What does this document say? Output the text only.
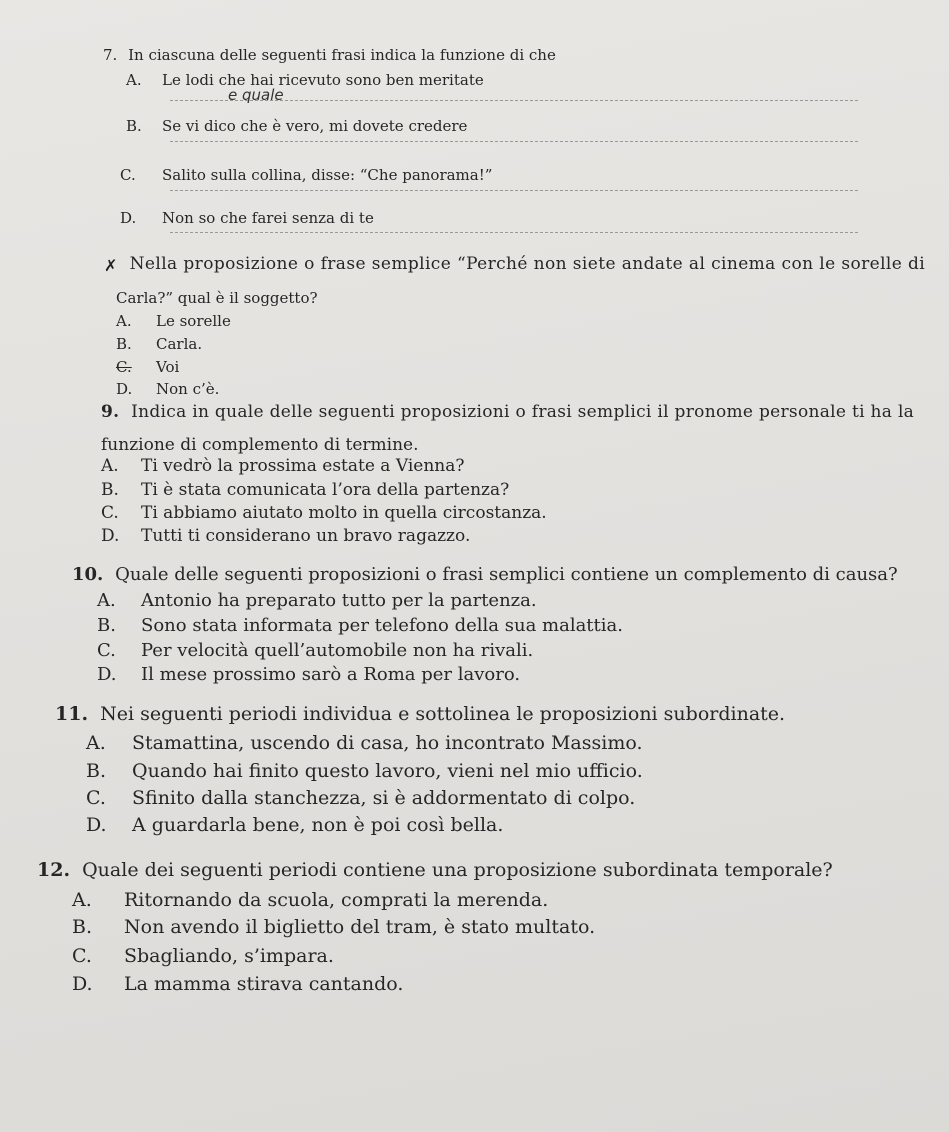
7. In ciascuna delle seguenti frasi indica la funzione di che
A. Le lodi che hai ricevuto sono ben meritate
e quale
B. Se vi dico che è vero, mi dovete credere
C. Salito sulla collina, disse: “Che panorama!”
D. Non so che farei senza di te
✗ Nella proposizione o frase semplice “Perché non siete andate al cinema con le sorelle di
Carla?” qual è il soggetto?
A. Le sorelle
B. Carla.
C. Voi
D. Non c’è.
9. Indica in quale delle seguenti proposizioni o frasi semplici il pronome personale ti ha la
funzione di complemento di termine.
A. Ti vedrò la prossima estate a Vienna?
B. Ti è stata comunicata l’ora della partenza?
C. Ti abbiamo aiutato molto in quella circostanza.
D. Tutti ti considerano un bravo ragazzo.
10. Quale delle seguenti proposizioni o frasi semplici contiene un complemento di causa?
A. Antonio ha preparato tutto per la partenza.
B. Sono stata informata per telefono della sua malattia.
C. Per velocità quell’automobile non ha rivali.
D. Il mese prossimo sarò a Roma per lavoro.
11. Nei seguenti periodi individua e sottolinea le proposizioni subordinate.
A. Stamattina, uscendo di casa, ho incontrato Massimo.
B. Quando hai finito questo lavoro, vieni nel mio ufficio.
C. Sfinito dalla stanchezza, si è addormentato di colpo.
D. A guardarla bene, non è poi così bella.
12. Quale dei seguenti periodi contiene una proposizione subordinata temporale?
A. Ritornando da scuola, comprati la merenda.
B. Non avendo il biglietto del tram, è stato multato.
C. Sbagliando, s’impara.
D. La mamma stirava cantando.
